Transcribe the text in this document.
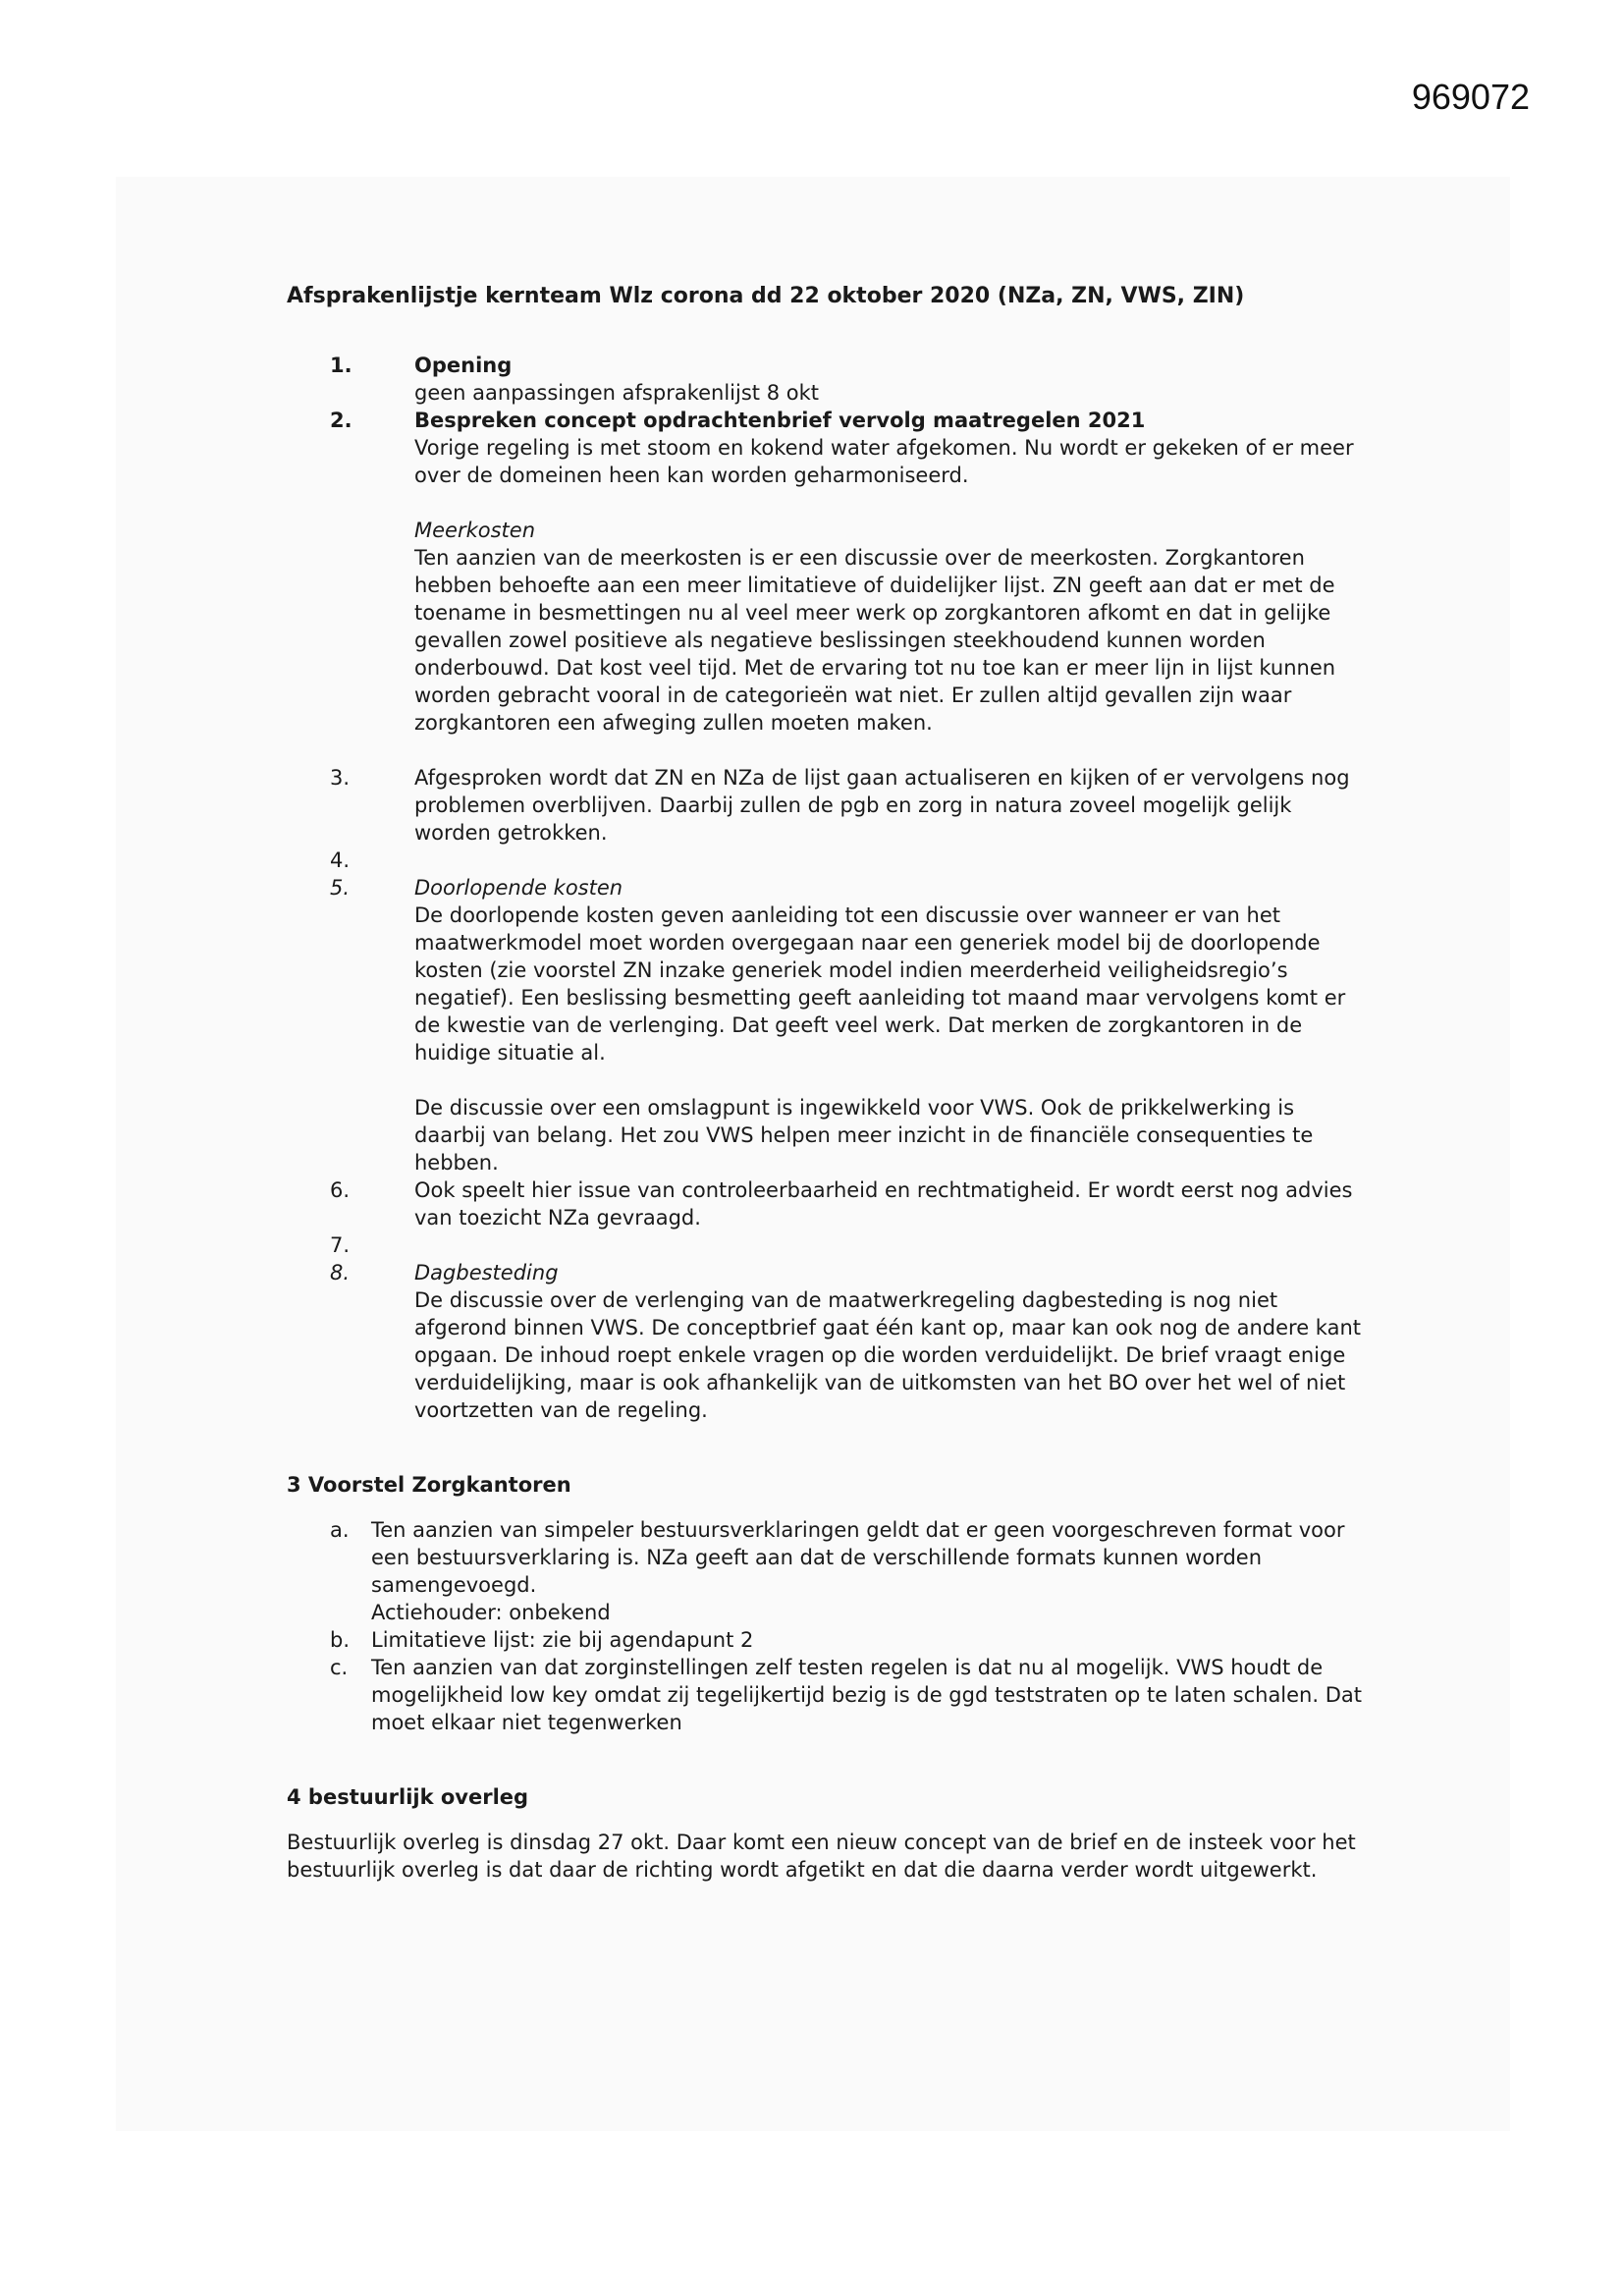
969072

Afsprakenlijstje kernteam Wlz corona dd 22 oktober 2020 (NZa, ZN, VWS, ZIN)

1.	Opening

geen aanpassingen afsprakenlijst 8 okt

2.	Bespreken concept opdrachtenbrief vervolg maatregelen 2021

Vorige regeling is met stoom en kokend water afgekomen. Nu wordt er gekeken of er meer over de domeinen heen kan worden geharmoniseerd.

Meerkosten

Ten aanzien van de meerkosten is er een discussie over de meerkosten. Zorgkantoren hebben behoefte aan een meer limitatieve of duidelijker lijst. ZN geeft aan dat er met de toename in besmettingen nu al veel meer werk op zorgkantoren afkomt en dat in gelijke gevallen zowel positieve als negatieve beslissingen steekhoudend kunnen worden onderbouwd. Dat kost veel tijd. Met de ervaring tot nu toe kan er meer lijn in lijst kunnen worden gebracht vooral in de categorieën wat niet. Er zullen altijd gevallen zijn waar zorgkantoren een afweging zullen moeten maken.

3.	Afgesproken wordt dat ZN en NZa de lijst gaan actualiseren en kijken of er vervolgens nog problemen overblijven. Daarbij zullen de pgb en zorg in natura zoveel mogelijk gelijk worden getrokken.

4.

5.	Doorlopende kosten

De doorlopende kosten geven aanleiding tot een discussie over wanneer er van het maatwerkmodel moet worden overgegaan naar een generiek model bij de doorlopende kosten (zie voorstel ZN inzake generiek model indien meerderheid veiligheidsregio’s negatief). Een beslissing besmetting geeft aanleiding tot maand maar vervolgens komt er de kwestie van de verlenging. Dat geeft veel werk. Dat merken de zorgkantoren in de huidige situatie al.

De discussie over een omslagpunt is ingewikkeld voor VWS. Ook de prikkelwerking is daarbij van belang. Het zou VWS helpen meer inzicht in de financiële consequenties te hebben.

6.	Ook speelt hier issue van controleerbaarheid en rechtmatigheid. Er wordt eerst nog advies van toezicht NZa gevraagd.

7.

8.	Dagbesteding

De discussie over de verlenging van de maatwerkregeling dagbesteding is nog niet afgerond binnen VWS. De conceptbrief gaat één kant op, maar kan ook nog de andere kant opgaan. De inhoud roept enkele vragen op die worden verduidelijkt. De brief vraagt enige verduidelijking, maar is ook afhankelijk van de uitkomsten van het BO over het wel of niet voortzetten van de regeling.

3 Voorstel Zorgkantoren

a.	Ten aanzien van simpeler bestuursverklaringen geldt dat er geen voorgeschreven format voor een bestuursverklaring is. NZa geeft aan dat de verschillende formats kunnen worden samengevoegd.

Actiehouder: onbekend

b.	Limitatieve lijst: zie bij agendapunt 2

c.	Ten aanzien van dat zorginstellingen zelf testen regelen is dat nu al mogelijk. VWS houdt de mogelijkheid low key omdat zij tegelijkertijd bezig is de ggd teststraten op te laten schalen. Dat moet elkaar niet tegenwerken

4 bestuurlijk overleg

Bestuurlijk overleg is dinsdag 27 okt. Daar komt een nieuw concept van de brief en de insteek voor het bestuurlijk overleg is dat daar de richting wordt afgetikt en dat die daarna verder wordt uitgewerkt.
